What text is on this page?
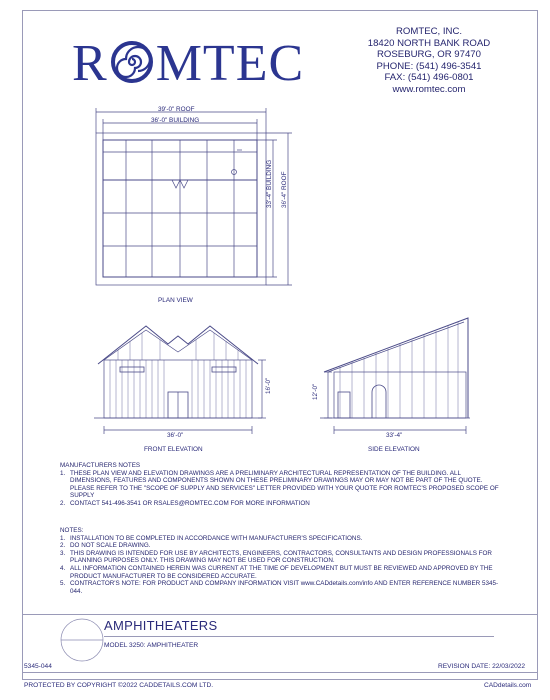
R MTEC
ROMTEC, INC.
18420 NORTH BANK ROAD
ROSEBURG, OR 97470
PHONE: (541) 496-3541
FAX: (541) 496-0801
www.romtec.com
39'-0" ROOF
36'-0" BUILDING
33'-4" BUILDING 36'-4" ROOF
PLAN VIEW
16'-0"
36'-0"
FRONT ELEVATION
12'-0"
33'-4"
SIDE ELEVATION
MANUFACTURERS NOTES
1. THESE PLAN VIEW AND ELEVATION DRAWINGS ARE A PRELIMINARY ARCHITECTURAL REPRESENTATION OF THE BUILDING. ALL DIMENSIONS, FEATURES AND COMPONENTS SHOWN ON THESE PRELIMINARY DRAWINGS MAY OR MAY NOT BE PART OF THE QUOTE. PLEASE REFER TO THE "SCOPE OF SUPPLY AND SERVICES" LETTER PROVIDED WITH YOUR QUOTE FOR ROMTEC'S PROPOSED SCOPE OF SUPPLY
2. CONTACT 541-496-3541 OR RSALES@ROMTEC.COM FOR MORE INFORMATION
NOTES:
1. INSTALLATION TO BE COMPLETED IN ACCORDANCE WITH MANUFACTURER'S SPECIFICATIONS.
2. DO NOT SCALE DRAWING.
3. THIS DRAWING IS INTENDED FOR USE BY ARCHITECTS, ENGINEERS, CONTRACTORS, CONSULTANTS AND DESIGN PROFESSIONALS FOR PLANNING PURPOSES ONLY. THIS DRAWING MAY NOT BE USED FOR CONSTRUCTION.
4. ALL INFORMATION CONTAINED HEREIN WAS CURRENT AT THE TIME OF DEVELOPMENT BUT MUST BE REVIEWED AND APPROVED BY THE PRODUCT MANUFACTURER TO BE CONSIDERED ACCURATE.
5. CONTRACTOR'S NOTE: FOR PRODUCT AND COMPANY INFORMATION VISIT www.CADdetails.com/info AND ENTER REFERENCE NUMBER 5345-044.
AMPHITHEATERS
MODEL 3250: AMPHITHEATER
5345-044	REVISION DATE: 22/03/2022
PROTECTED BY COPYRIGHT ©2022 CADDETAILS.COM LTD.	CADdetails.com
